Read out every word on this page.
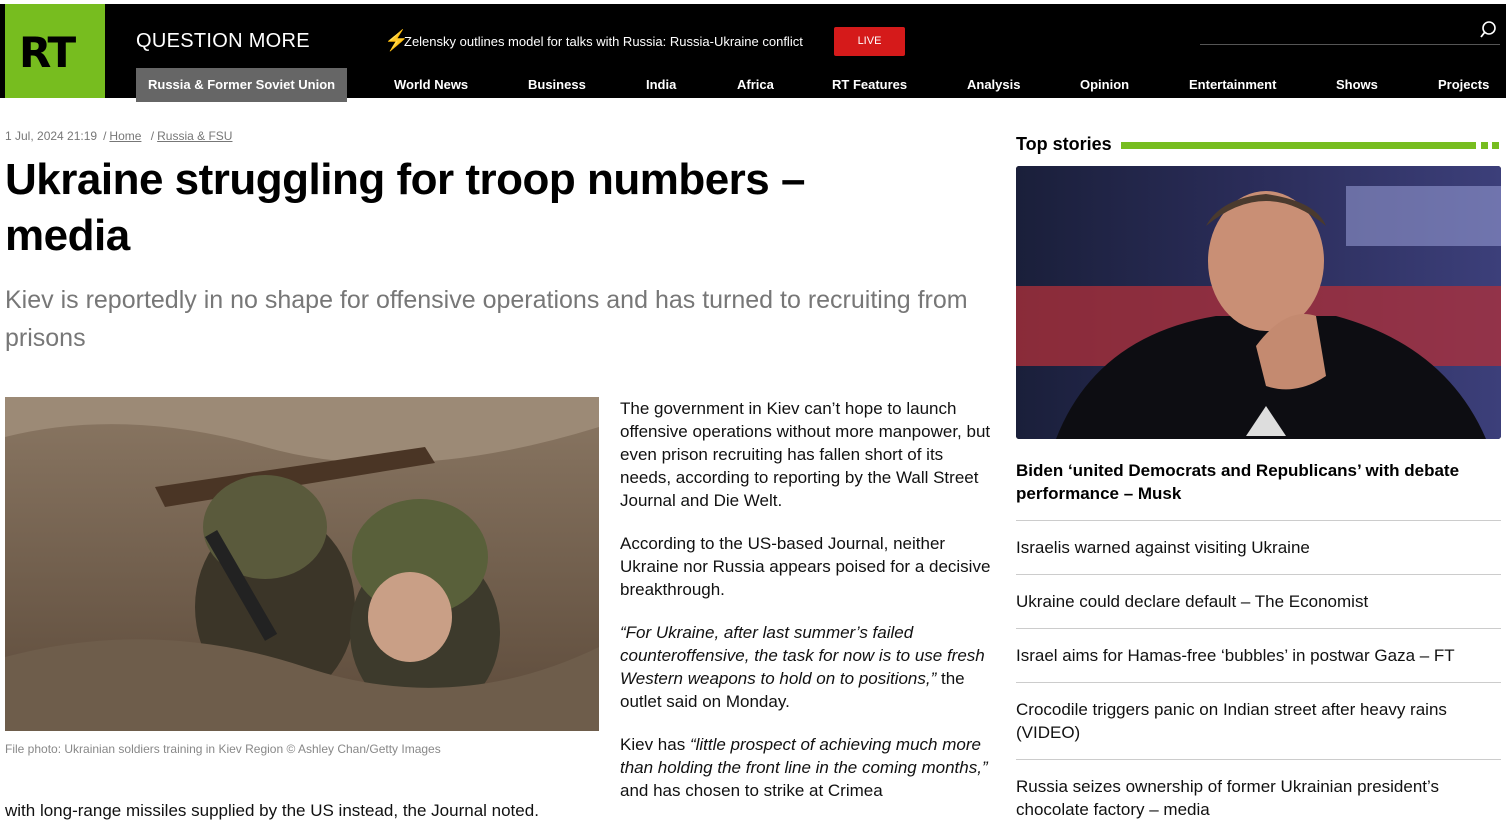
QUESTION MORE	⚡
Zelensky outlines model for talks with Russia: Russia-Ukraine conflict	LIVE
Russia & Former Soviet Union	World News	Business	India	Africa	RT Features	Analysis	Opinion	Entertainment	Shows	Projects
RT
1 Jul, 2024 21:19 / Home / Russia & FSU
Ukraine struggling for troop numbers – media
Kiev is reportedly in no shape for offensive operations and has turned to recruiting from prisons
File photo: Ukrainian soldiers training in Kiev Region © Ashley Chan/Getty Images

The government in Kiev can’t hope to launch offensive operations without more manpower, but even prison recruiting has fallen short of its needs, according to reporting by the Wall Street Journal and Die Welt.

According to the US-based Journal, neither Ukraine nor Russia appears poised for a decisive breakthrough.

“For Ukraine, after last summer’s failed counteroffensive, the task for now is to use fresh Western weapons to hold on to positions,” the outlet said on Monday.

Kiev has “little prospect of achieving much more than holding the front line in the coming months,” and has chosen to strike at Crimea

with long-range missiles supplied by the US instead, the Journal noted.
Top stories
Biden ‘united Democrats and Republicans’ with debate performance – Musk
Israelis warned against visiting Ukraine
Ukraine could declare default – The Economist
Israel aims for Hamas-free ‘bubbles’ in postwar Gaza – FT
Crocodile triggers panic on Indian street after heavy rains (VIDEO)
Russia seizes ownership of former Ukrainian president’s chocolate factory – media
